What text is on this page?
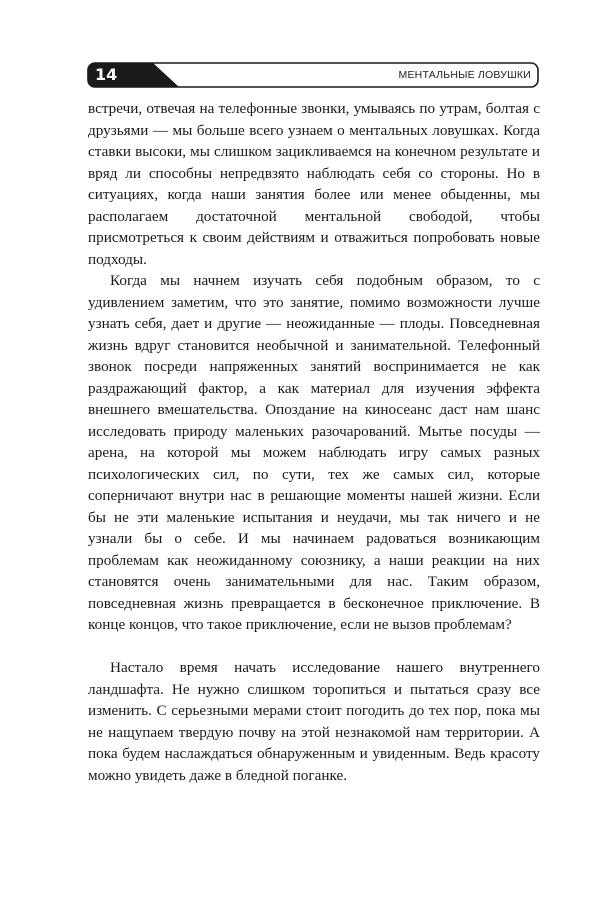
14	МЕНТАЛЬНЫЕ ЛОВУШКИ

встречи, отвечая на телефонные звонки, умываясь по утрам, болтая с друзьями — мы больше всего узнаем о ментальных ловушках. Когда ставки высоки, мы слишком зацикливаемся на конечном результате и вряд ли способны непредвзято наблюдать себя со стороны. Но в ситуациях, когда наши занятия более или менее обыденны, мы располагаем достаточной ментальной свободой, чтобы присмотреться к своим действиям и отважиться попробовать новые подходы.

Когда мы начнем изучать себя подобным образом, то с удивлением заметим, что это занятие, помимо возможности лучше узнать себя, дает и другие — неожиданные — плоды. Повседневная жизнь вдруг становится необычной и занимательной. Телефонный звонок посреди напряженных занятий воспринимается не как раздражающий фактор, а как материал для изучения эффекта внешнего вмешательства. Опоздание на киносеанс даст нам шанс исследовать природу маленьких разочарований. Мытье посуды — арена, на которой мы можем наблюдать игру самых разных психологических сил, по сути, тех же самых сил, которые соперничают внутри нас в решающие моменты нашей жизни. Если бы не эти маленькие испытания и неудачи, мы так ничего и не узнали бы о себе. И мы начинаем радоваться возникающим проблемам как неожиданному союзнику, а наши реакции на них становятся очень занимательными для нас. Таким образом, повседневная жизнь превращается в бесконечное приключение. В конце концов, что такое приключение, если не вызов проблемам?

Настало время начать исследование нашего внутреннего ландшафта. Не нужно слишком торопиться и пытаться сразу все изменить. С серьезными мерами стоит погодить до тех пор, пока мы не нащупаем твердую почву на этой незнакомой нам территории. А пока будем наслаждаться обнаруженным и увиденным. Ведь красоту можно увидеть даже в бледной поганке.
